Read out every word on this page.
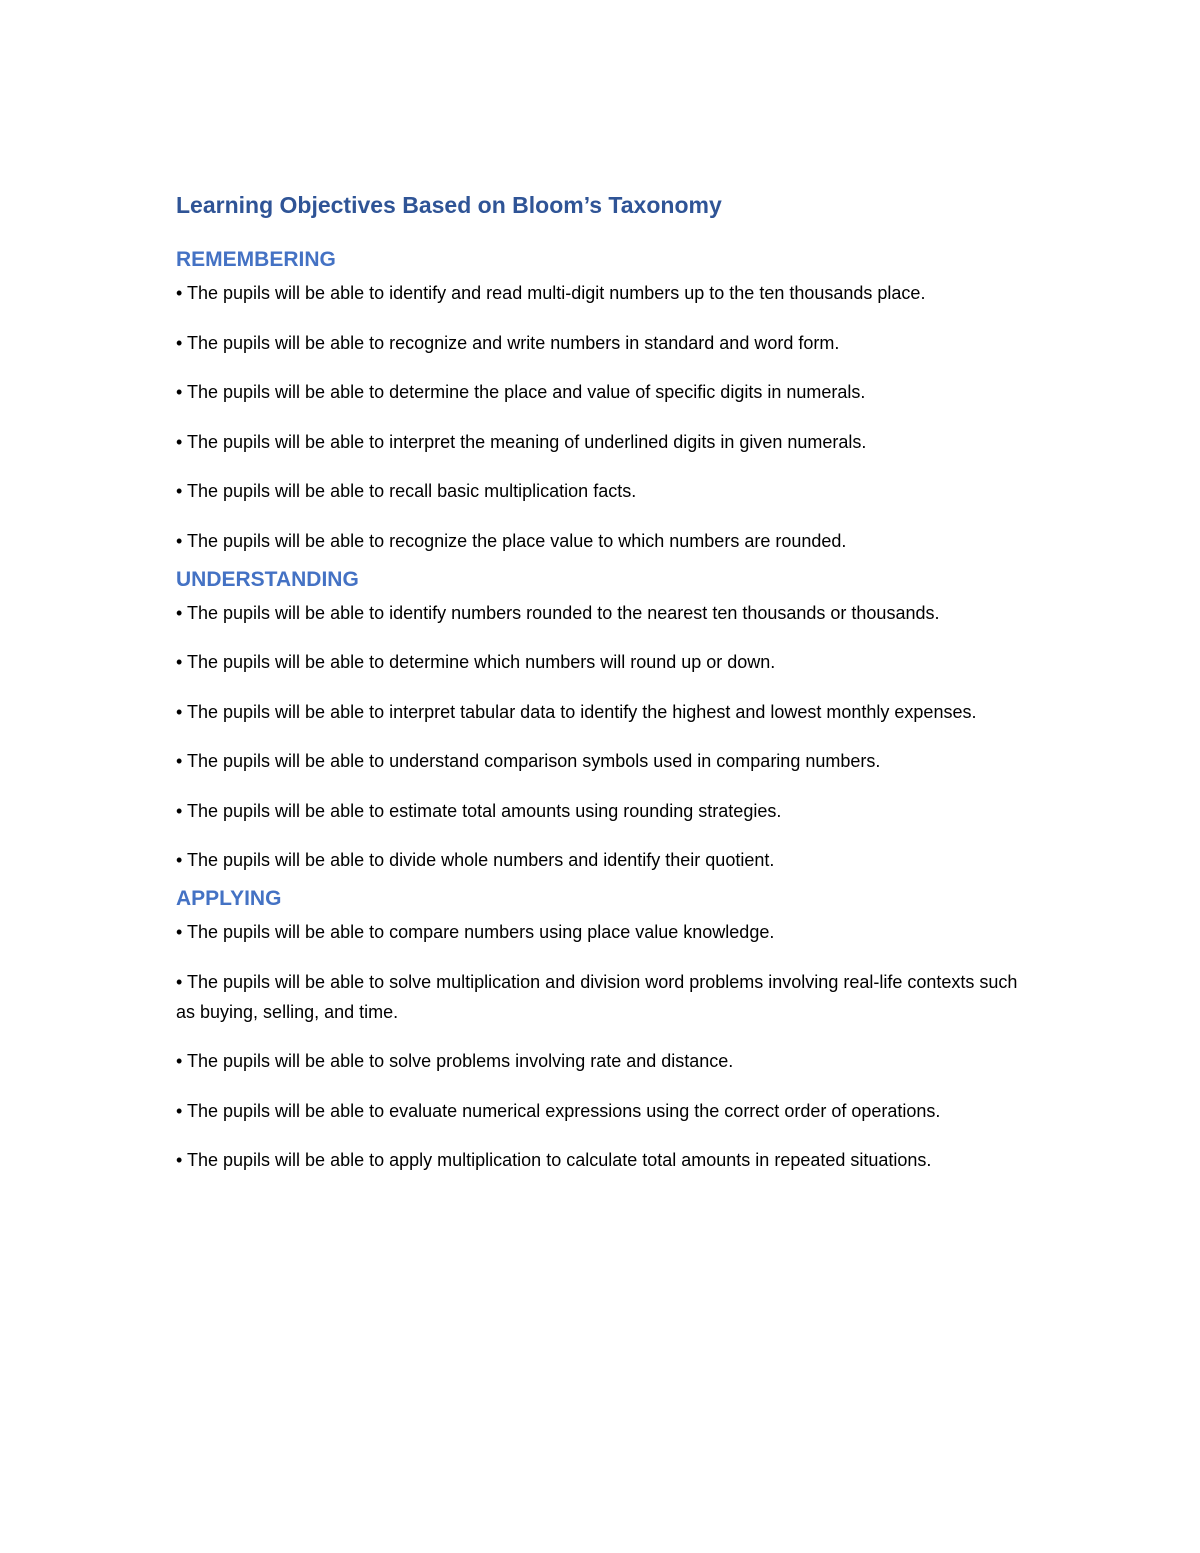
Learning Objectives Based on Bloom’s Taxonomy
REMEMBERING
• The pupils will be able to identify and read multi-digit numbers up to the ten thousands place.
• The pupils will be able to recognize and write numbers in standard and word form.
• The pupils will be able to determine the place and value of specific digits in numerals.
• The pupils will be able to interpret the meaning of underlined digits in given numerals.
• The pupils will be able to recall basic multiplication facts.
• The pupils will be able to recognize the place value to which numbers are rounded.
UNDERSTANDING
• The pupils will be able to identify numbers rounded to the nearest ten thousands or thousands.
• The pupils will be able to determine which numbers will round up or down.
• The pupils will be able to interpret tabular data to identify the highest and lowest monthly expenses.
• The pupils will be able to understand comparison symbols used in comparing numbers.
• The pupils will be able to estimate total amounts using rounding strategies.
• The pupils will be able to divide whole numbers and identify their quotient.
APPLYING
• The pupils will be able to compare numbers using place value knowledge.
• The pupils will be able to solve multiplication and division word problems involving real-life contexts such as buying, selling, and time.
• The pupils will be able to solve problems involving rate and distance.
• The pupils will be able to evaluate numerical expressions using the correct order of operations.
• The pupils will be able to apply multiplication to calculate total amounts in repeated situations.
